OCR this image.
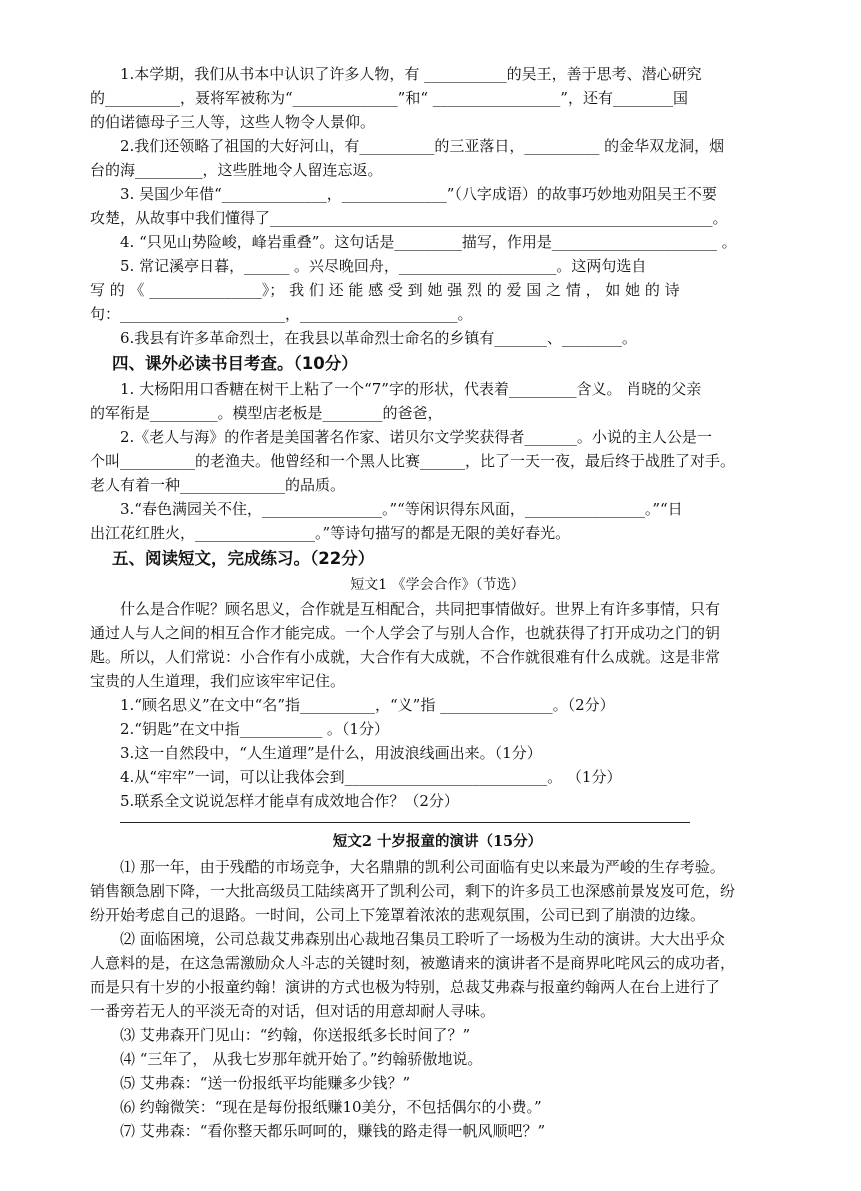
1.本学期，我们从书本中认识了许多人物，有 ___________的吴王，善于思考、潜心研究
的__________，聂将军被称为“______________”和“ _________________”，还有________国
的伯诺德母子三人等，这些人物令人景仰。
2.我们还领略了祖国的大好河山，有__________的三亚落日，__________ 的金华双龙洞，烟
台的海_________，这些胜地令人留连忘返。
3. 吴国少年借“______________，______________”（八字成语）的故事巧妙地劝阻吴王不要
攻楚，从故事中我们懂得了___________________________________________________________。
4. “只见山势险峻，峰岩重叠”。这句话是_________描写，作用是______________________ 。
5. 常记溪亭日暮，______ 。兴尽晚回舟，_____________________。这两句选自
写 的 《 _______________》； 我 们 还 能 感 受 到 她 强 烈 的 爱 国 之 情 ， 如 她 的 诗
句：______________________，_____________________。
6.我县有许多革命烈士，在我县以革命烈士命名的乡镇有_______、________。
四、课外必读书目考查。（10分）
1. 大杨阳用口香糖在树干上粘了一个“7”字的形状，代表着_________含义。 肖晓的父亲
的军衔是_________。模型店老板是________的爸爸，
2.《老人与海》的作者是美国著名作家、诺贝尔文学奖获得者_______。小说的主人公是一
个叫__________的老渔夫。他曾经和一个黑人比赛______，比了一天一夜，最后终于战胜了对手。
老人有着一种______________的品质。
3.“春色满园关不住，________________。”“等闲识得东风面，________________。”“日
出江花红胜火，________________。”等诗句描写的都是无限的美好春光。
五、阅读短文，完成练习。（22分）
短文1 《学会合作》（节选）
什么是合作呢？顾名思义，合作就是互相配合，共同把事情做好。世界上有许多事情，只有
通过人与人之间的相互合作才能完成。一个人学会了与别人合作，也就获得了打开成功之门的钥
匙。所以，人们常说：小合作有小成就，大合作有大成就，不合作就很难有什么成就。这是非常
宝贵的人生道理，我们应该牢牢记住。
1.“顾名思义”在文中“名”指__________，“义”指 _______________。（2分）
2.“钥匙”在文中指___________ 。（1分）
3.这一自然段中，“人生道理”是什么，用波浪线画出来。（1分）
4.从“牢牢”一词，可以让我体会到___________________________。 （1分）
5.联系全文说说怎样才能卓有成效地合作？（2分）
短文2 十岁报童的演讲（15分）
⑴ 那一年，由于残酷的市场竞争，大名鼎鼎的凯利公司面临有史以来最为严峻的生存考验。
销售额急剧下降，一大批高级员工陆续离开了凯利公司，剩下的许多员工也深感前景岌岌可危，纷
纷开始考虑自己的退路。一时间，公司上下笼罩着浓浓的悲观氛围，公司已到了崩溃的边缘。
⑵ 面临困境，公司总裁艾弗森别出心裁地召集员工聆听了一场极为生动的演讲。大大出乎众
人意料的是，在这急需激励众人斗志的关键时刻，被邀请来的演讲者不是商界叱咤风云的成功者，
而是只有十岁的小报童约翰！演讲的方式也极为特别，总裁艾弗森与报童约翰两人在台上进行了
一番旁若无人的平淡无奇的对话，但对话的用意却耐人寻味。
⑶ 艾弗森开门见山：“约翰，你送报纸多长时间了？”
⑷ “三年了， 从我七岁那年就开始了。”约翰骄傲地说。
⑸ 艾弗森：“送一份报纸平均能赚多少钱？”
⑹ 约翰微笑：“现在是每份报纸赚10美分，不包括偶尔的小费。”
⑺ 艾弗森：“看你整天都乐呵呵的，赚钱的路走得一帆风顺吧？”
